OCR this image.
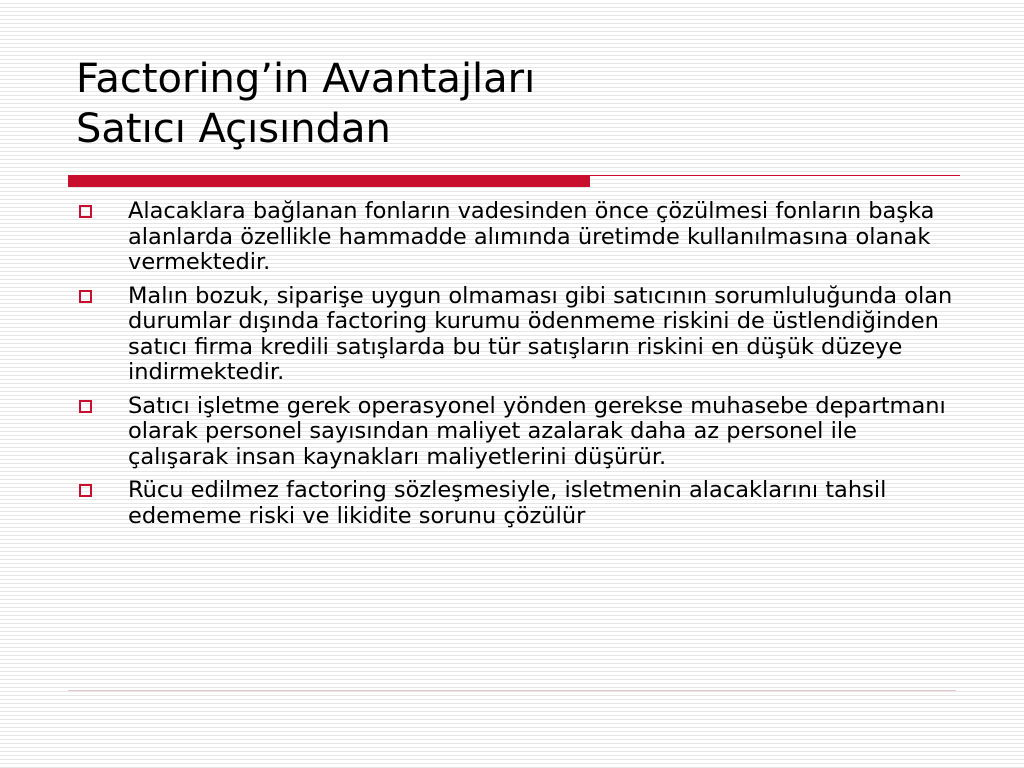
Factoring’in Avantajları
Satıcı Açısından
Alacaklara bağlanan fonların vadesinden önce çözülmesi fonların başka alanlarda özellikle hammadde alımında üretimde kullanılmasına olanak vermektedir.
Malın bozuk, siparişe uygun olmaması gibi satıcının sorumluluğunda olan durumlar dışında factoring kurumu ödenmeme riskini de üstlendiğinden satıcı firma kredili satışlarda bu tür satışların riskini en düşük düzeye indirmektedir.
Satıcı işletme gerek operasyonel yönden gerekse muhasebe departmanı olarak personel sayısından maliyet azalarak daha az personel ile çalışarak insan kaynakları maliyetlerini düşürür.
Rücu edilmez factoring sözleşmesiyle, isletmenin alacaklarını tahsil edememe riski ve likidite sorunu çözülür
